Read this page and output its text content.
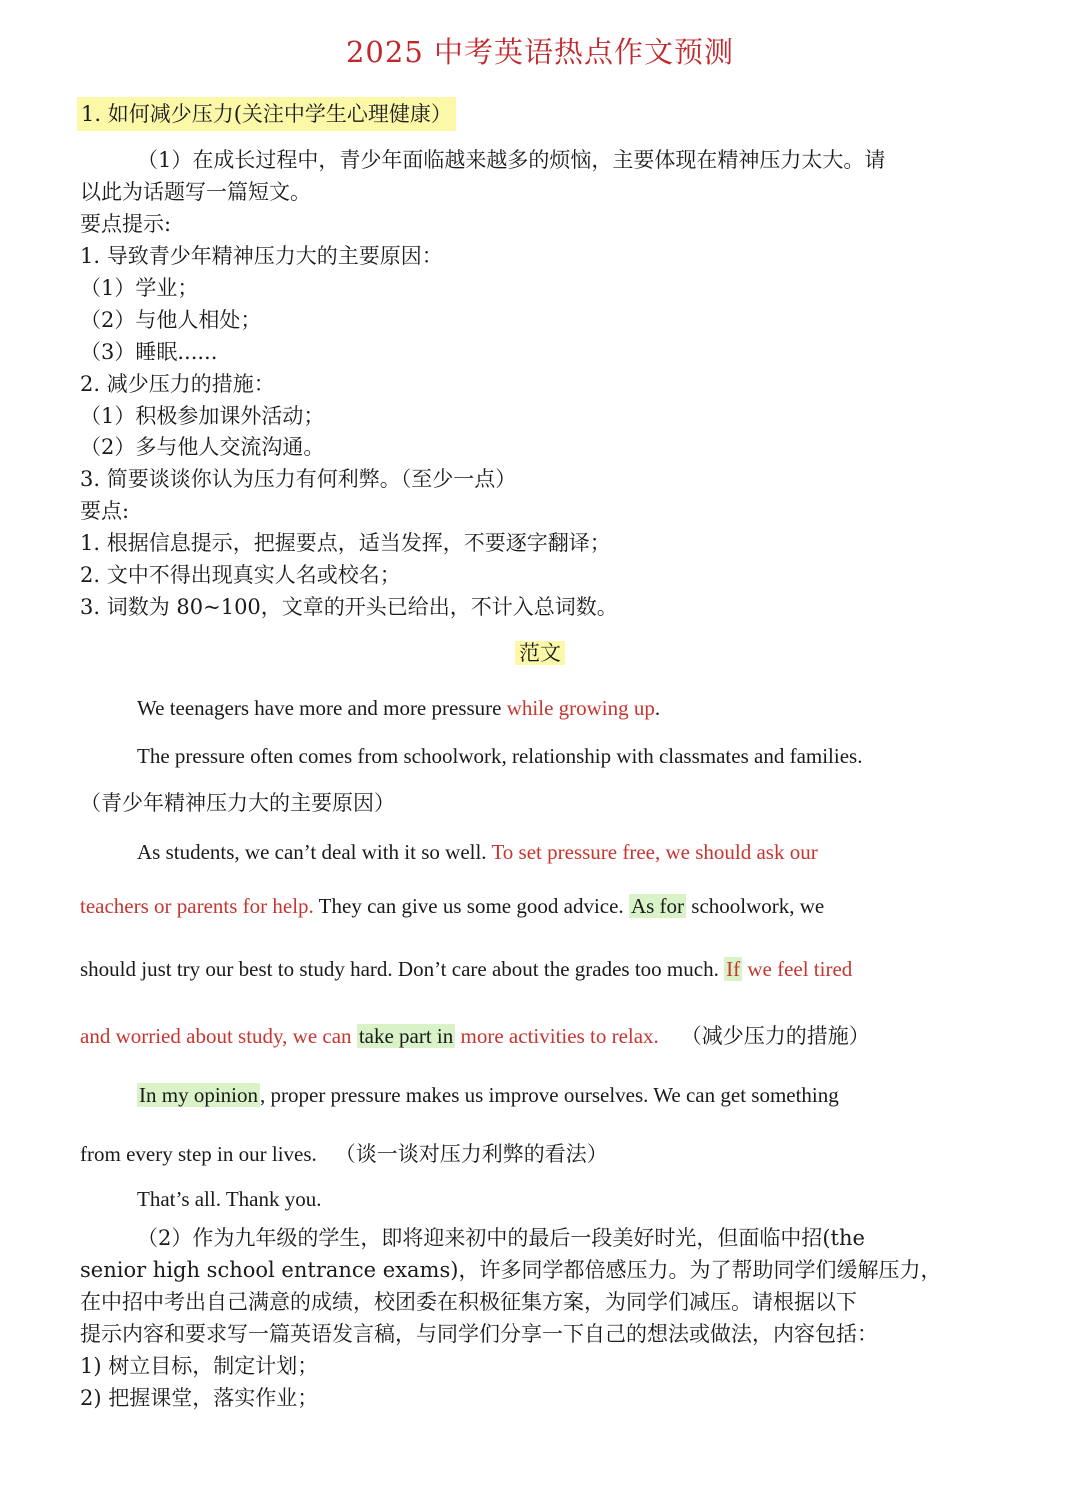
2025 中考英语热点作文预测
1. 如何减少压力(关注中学生心理健康）
（1）在成长过程中，青少年面临越来越多的烦恼，主要体现在精神压力太大。请
以此为话题写一篇短文。
要点提示:
1. 导致青少年精神压力大的主要原因：
（1）学业；
（2）与他人相处；
（3）睡眠......
2. 减少压力的措施：
（1）积极参加课外活动；
（2）多与他人交流沟通。
3. 简要谈谈你认为压力有何利弊。（至少一点）
要点:
1. 根据信息提示，把握要点，适当发挥，不要逐字翻译；
2. 文中不得出现真实人名或校名；
3. 词数为 80~100，文章的开头已给出，不计入总词数。
范文
We teenagers have more and more pressure while growing up.
The pressure often comes from schoolwork, relationship with classmates and families.
（青少年精神压力大的主要原因）
As students, we can’t deal with it so well. To set pressure free, we should ask our
teachers or parents for help. They can give us some good advice. As for schoolwork, we
should just try our best to study hard. Don’t care about the grades too much. If we feel tired
and worried about study, we can take part in more activities to relax. （减少压力的措施）
In my opinion, proper pressure makes us improve ourselves. We can get something
from every step in our lives. （谈一谈对压力利弊的看法）
That’s all. Thank you.
（2）作为九年级的学生，即将迎来初中的最后一段美好时光，但面临中招(the
senior high school entrance exams)，许多同学都倍感压力。为了帮助同学们缓解压力，
在中招中考出自己满意的成绩，校团委在积极征集方案，为同学们减压。请根据以下
提示内容和要求写一篇英语发言稿，与同学们分享一下自己的想法或做法，内容包括：
1) 树立目标，制定计划；
2) 把握课堂，落实作业；
